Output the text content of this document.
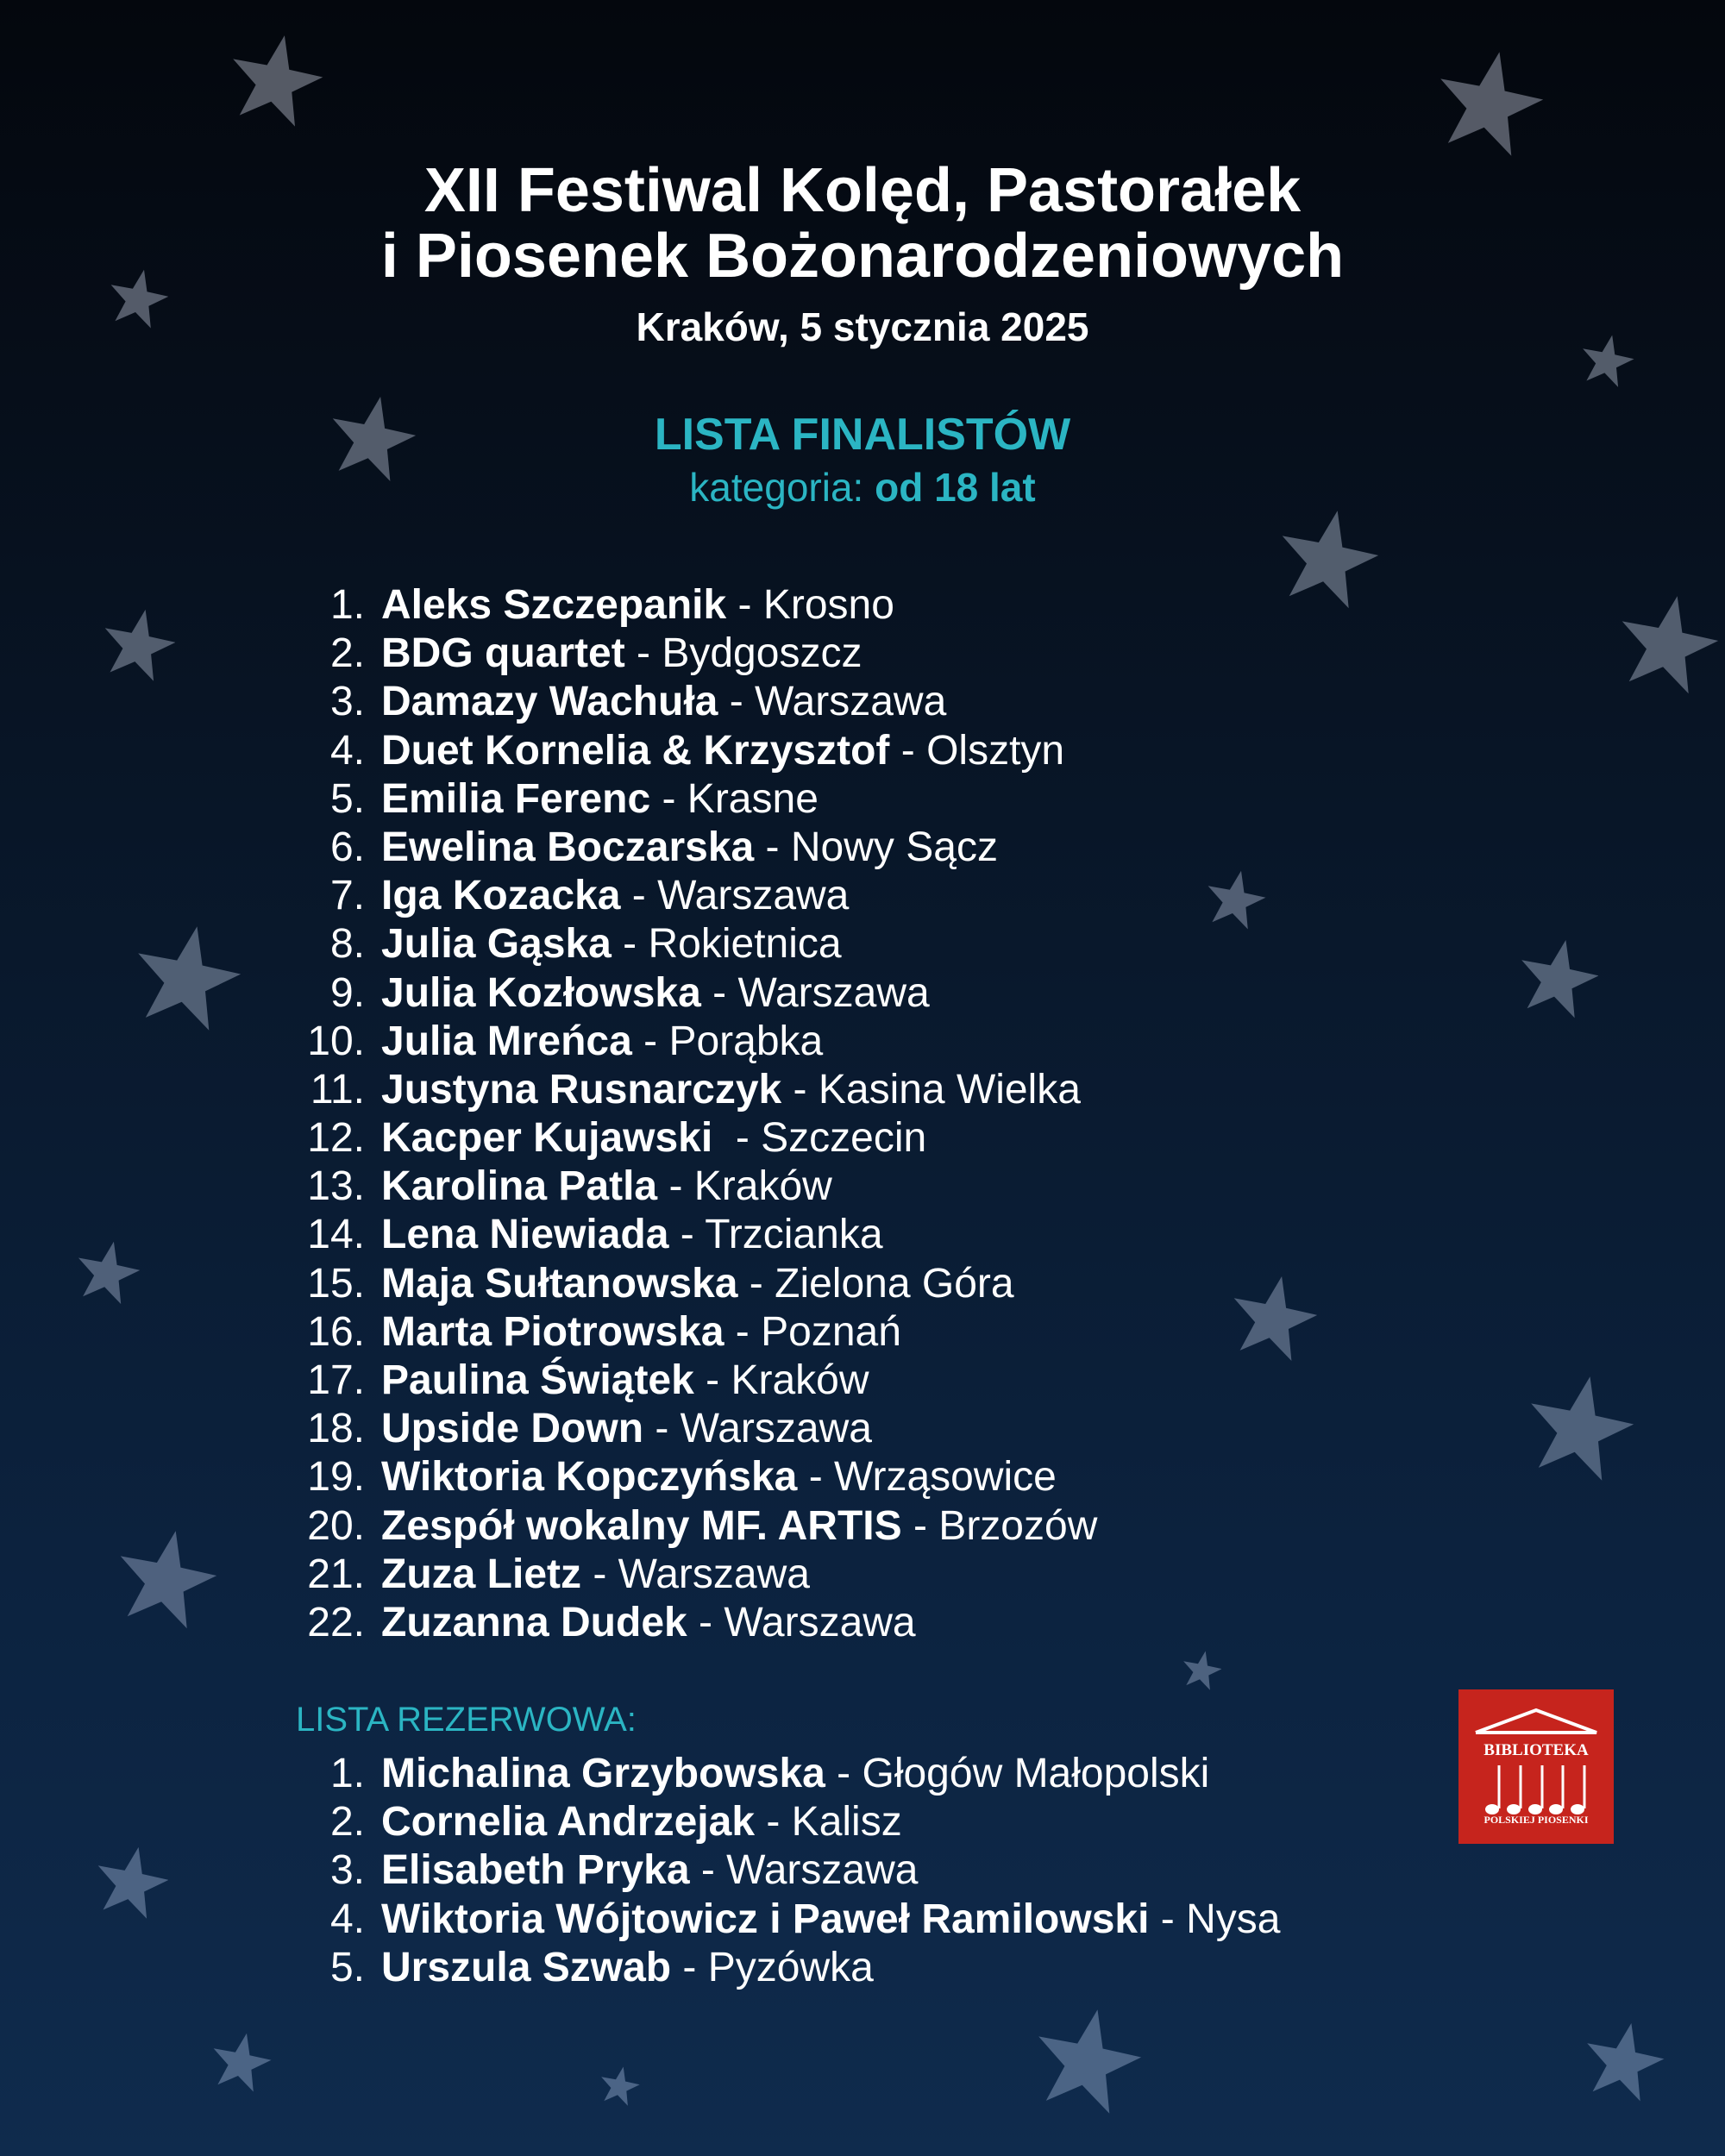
XII Festiwal Kolęd, Pastorałek
i Piosenek Bożonarodzeniowych
Kraków, 5 stycznia 2025
LISTA FINALISTÓW
kategoria: od 18 lat
1. Aleks Szczepanik - Krosno
2. BDG quartet - Bydgoszcz
3. Damazy Wachuła - Warszawa
4. Duet Kornelia & Krzysztof - Olsztyn
5. Emilia Ferenc - Krasne
6. Ewelina Boczarska - Nowy Sącz
7. Iga Kozacka - Warszawa
8. Julia Gąska - Rokietnica
9. Julia Kozłowska - Warszawa
10. Julia Mreńca - Porąbka
11. Justyna Rusnarczyk - Kasina Wielka
12. Kacper Kujawski  - Szczecin
13. Karolina Patla - Kraków
14. Lena Niewiada - Trzcianka
15. Maja Sułtanowska - Zielona Góra
16. Marta Piotrowska - Poznań
17. Paulina Świątek - Kraków
18. Upside Down - Warszawa
19. Wiktoria Kopczyńska - Wrząsowice
20. Zespół wokalny MF. ARTIS - Brzozów
21. Zuza Lietz - Warszawa
22. Zuzanna Dudek - Warszawa
LISTA REZERWOWA:
1. Michalina Grzybowska - Głogów Małopolski
2. Cornelia Andrzejak - Kalisz
3. Elisabeth Pryka - Warszawa
4. Wiktoria Wójtowicz i Paweł Ramilowski - Nysa
5. Urszula Szwab - Pyzówka
BIBLIOTEKA
POLSKIEJ PIOSENKI
